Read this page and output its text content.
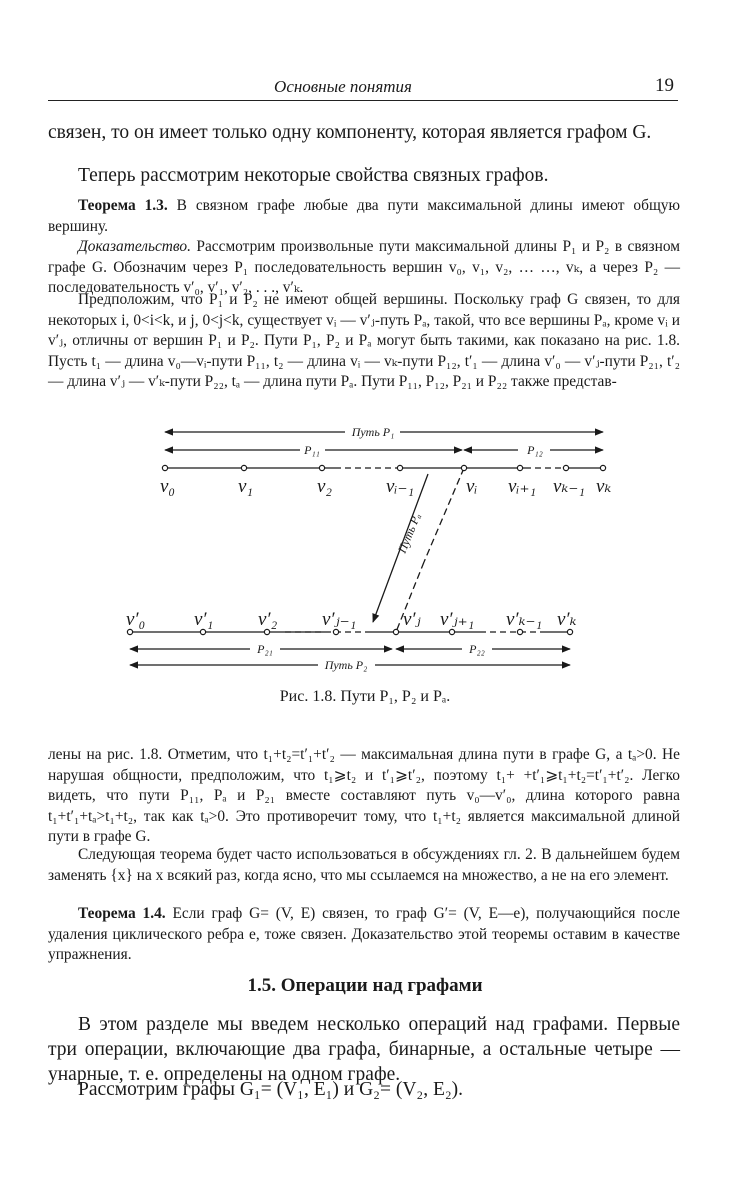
Основные понятия	19

связен, то он имеет только одну компоненту, которая является графом G.

Теперь рассмотрим некоторые свойства связных графов.

Теорема 1.3. В связном графе любые два пути максимальной длины имеют общую вершину.

Доказательство. Рассмотрим произвольные пути максимальной длины P₁ и P₂ в связном графе G. Обозначим через P₁ последовательность вершин v₀, v₁, v₂, … …, vₖ, а через P₂ — последовательность v′₀, v′₁, v′₂, . . ., v′ₖ.

Предположим, что P₁ и P₂ не имеют общей вершины. Поскольку граф G связен, то для некоторых i, 0<i<k, и j, 0<j<k, существует vᵢ — v′ⱼ-путь Pₐ, такой, что все вершины Pₐ, кроме vᵢ и v′ⱼ, отличны от вершин P₁ и P₂. Пути P₁, P₂ и Pₐ могут быть такими, как показано на рис. 1.8. Пусть t₁ — длина v₀—vᵢ-пути P₁₁, t₂ — длина vᵢ — vₖ-пути P₁₂, t′₁ — длина v′₀ — v′ⱼ-пути P₂₁, t′₂ — длина v′ⱼ — v′ₖ-пути P₂₂, tₐ — длина пути Pₐ. Пути P₁₁, P₁₂, P₂₁ и P₂₂ также представ-

Путь P₁
P₁₁	P₁₂
v₀	v₁	v₂	vᵢ₋₁	vᵢ vᵢ₊₁ vₖ₋₁ vₖ
Путь Pₐ
v′₀	v′₁ v′₂ v′ⱼ₋₁ v′ⱼ v′ⱼ₊₁ v′ₖ₋₁ v′ₖ
P₂₁	P₂₂
Путь P₂
Рис. 1.8. Пути P₁, P₂ и Pₐ.

лены на рис. 1.8. Отметим, что t₁+t₂=t′₁+t′₂ — максимальная длина пути в графе G, а tₐ>0. Не нарушая общности, предположим, что t₁⩾t₂ и t′₁⩾t′₂, поэтому t₁+ +t′₁⩾t₁+t₂=t′₁+t′₂. Легко видеть, что пути P₁₁, Pₐ и P₂₁ вместе составляют путь v₀—v′₀, длина которого равна t₁+t′₁+tₐ>t₁+t₂, так как tₐ>0. Это противоречит тому, что t₁+t₂ является максимальной длиной пути в графе G.

Следующая теорема будет часто использоваться в обсуждениях гл. 2. В дальнейшем будем заменять {x} на x всякий раз, когда ясно, что мы ссылаемся на множество, а не на его элемент.

Теорема 1.4. Если граф G= (V, E) связен, то граф G′= (V, E—e), получающийся после удаления циклического ребра e, тоже связен. Доказательство этой теоремы оставим в качестве упражнения.

1.5. Операции над графами

В этом разделе мы введем несколько операций над графами. Первые три операции, включающие два графа, бинарные, а остальные четыре — унарные, т. е. определены на одном графе.

Рассмотрим графы G₁= (V₁, E₁) и G₂= (V₂, E₂).
